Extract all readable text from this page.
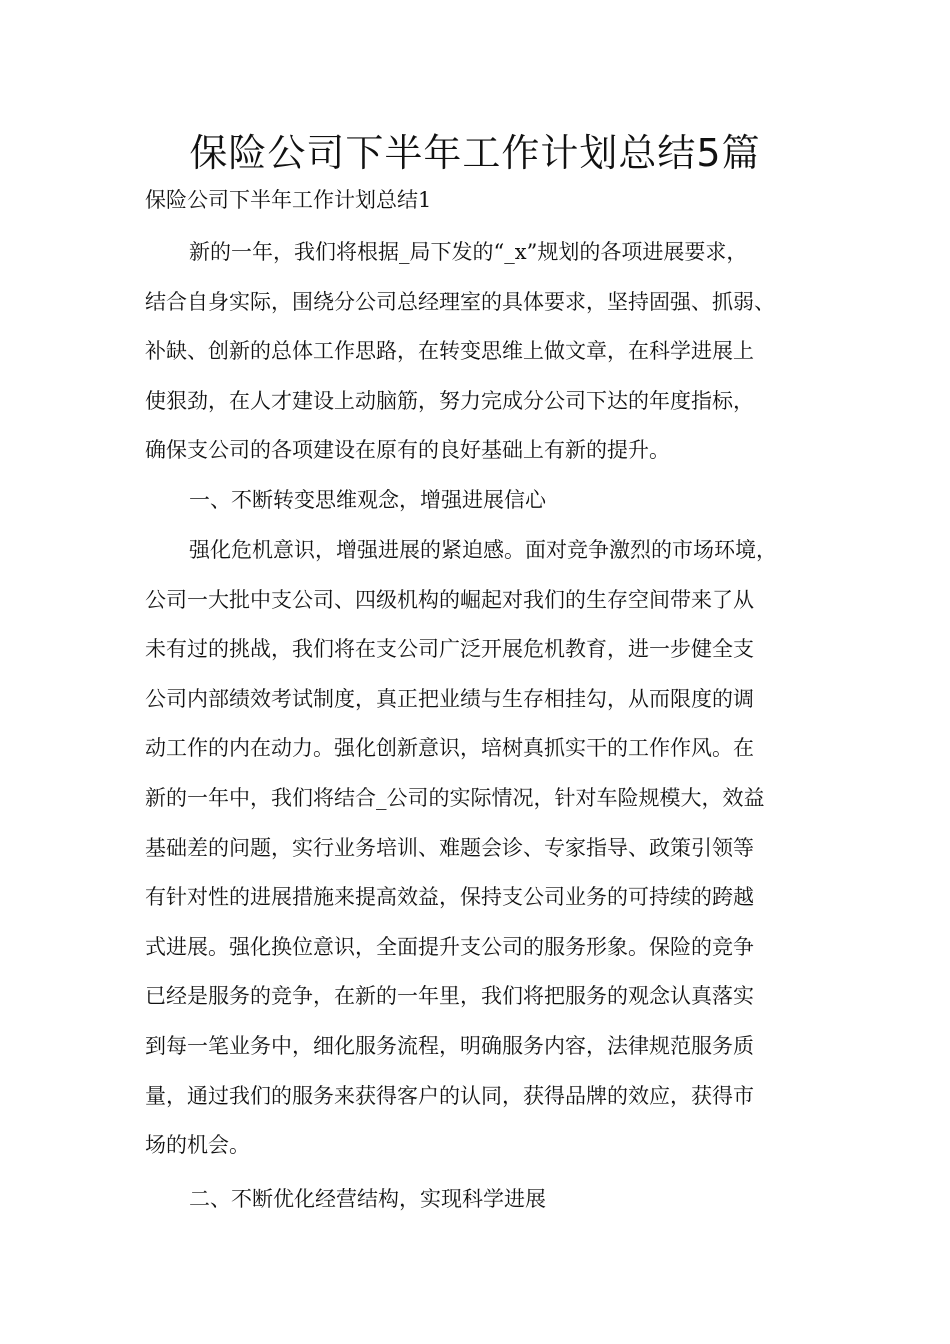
保险公司下半年工作计划总结5篇
保险公司下半年工作计划总结1
新的一年，我们将根据_局下发的“_x”规划的各项进展要求，
结合自身实际，围绕分公司总经理室的具体要求，坚持固强、抓弱、
补缺、创新的总体工作思路，在转变思维上做文章，在科学进展上
使狠劲，在人才建设上动脑筋，努力完成分公司下达的年度指标，
确保支公司的各项建设在原有的良好基础上有新的提升。
一、不断转变思维观念，增强进展信心
强化危机意识，增强进展的紧迫感。面对竞争激烈的市场环境，
公司一大批中支公司、四级机构的崛起对我们的生存空间带来了从
未有过的挑战，我们将在支公司广泛开展危机教育，进一步健全支
公司内部绩效考试制度，真正把业绩与生存相挂勾，从而限度的调
动工作的内在动力。强化创新意识，培树真抓实干的工作作风。在
新的一年中，我们将结合_公司的实际情况，针对车险规模大，效益
基础差的问题，实行业务培训、难题会诊、专家指导、政策引领等
有针对性的进展措施来提高效益，保持支公司业务的可持续的跨越
式进展。强化换位意识，全面提升支公司的服务形象。保险的竞争
已经是服务的竞争，在新的一年里，我们将把服务的观念认真落实
到每一笔业务中，细化服务流程，明确服务内容，法律规范服务质
量，通过我们的服务来获得客户的认同，获得品牌的效应，获得市
场的机会。
二、不断优化经营结构，实现科学进展
